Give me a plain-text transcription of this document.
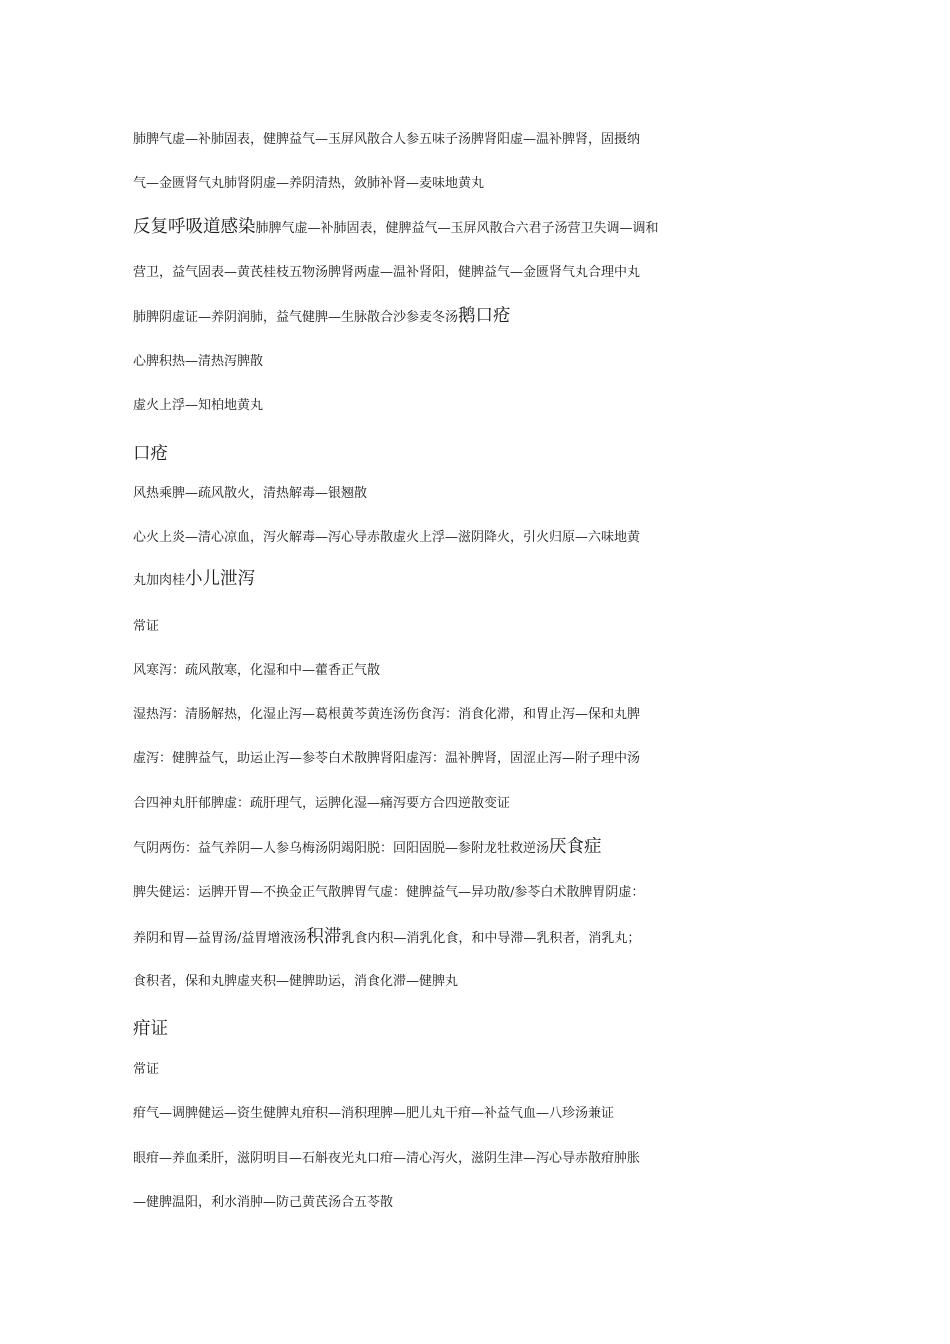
肺脾气虚—补肺固表，健脾益气—玉屏风散合人参五味子汤脾肾阳虚—温补脾肾，固摄纳
气—金匮肾气丸肺肾阴虚—养阴清热，敛肺补肾—麦味地黄丸
反复呼吸道感染肺脾气虚—补肺固表，健脾益气—玉屏风散合六君子汤营卫失调—调和
营卫，益气固表—黄芪桂枝五物汤脾肾两虚—温补肾阳，健脾益气—金匮肾气丸合理中丸
肺脾阴虚证—养阴润肺，益气健脾—生脉散合沙参麦冬汤鹅口疮
心脾积热—清热泻脾散
虚火上浮—知柏地黄丸
口疮
风热乘脾—疏风散火，清热解毒—银翘散
心火上炎—清心凉血，泻火解毒—泻心导赤散虚火上浮—滋阴降火，引火归原—六味地黄
丸加肉桂小儿泄泻
常证
风寒泻：疏风散寒，化湿和中—藿香正气散
湿热泻：清肠解热，化湿止泻—葛根黄芩黄连汤伤食泻：消食化滞，和胃止泻—保和丸脾
虚泻：健脾益气，助运止泻—参苓白术散脾肾阳虚泻：温补脾肾，固涩止泻—附子理中汤
合四神丸肝郁脾虚：疏肝理气，运脾化湿—痛泻要方合四逆散变证
气阴两伤：益气养阴—人参乌梅汤阴竭阳脱：回阳固脱—参附龙牡救逆汤厌食症
脾失健运：运脾开胃—不换金正气散脾胃气虚：健脾益气—异功散/参苓白术散脾胃阴虚：
养阴和胃—益胃汤/益胃增液汤积滞乳食内积—消乳化食，和中导滞—乳积者，消乳丸；
食积者，保和丸脾虚夹积—健脾助运，消食化滞—健脾丸
疳证
常证
疳气—调脾健运—资生健脾丸疳积—消积理脾—肥儿丸干疳—补益气血—八珍汤兼证
眼疳—养血柔肝，滋阴明目—石斛夜光丸口疳—清心泻火，滋阴生津—泻心导赤散疳肿胀
—健脾温阳，利水消肿—防己黄芪汤合五苓散
